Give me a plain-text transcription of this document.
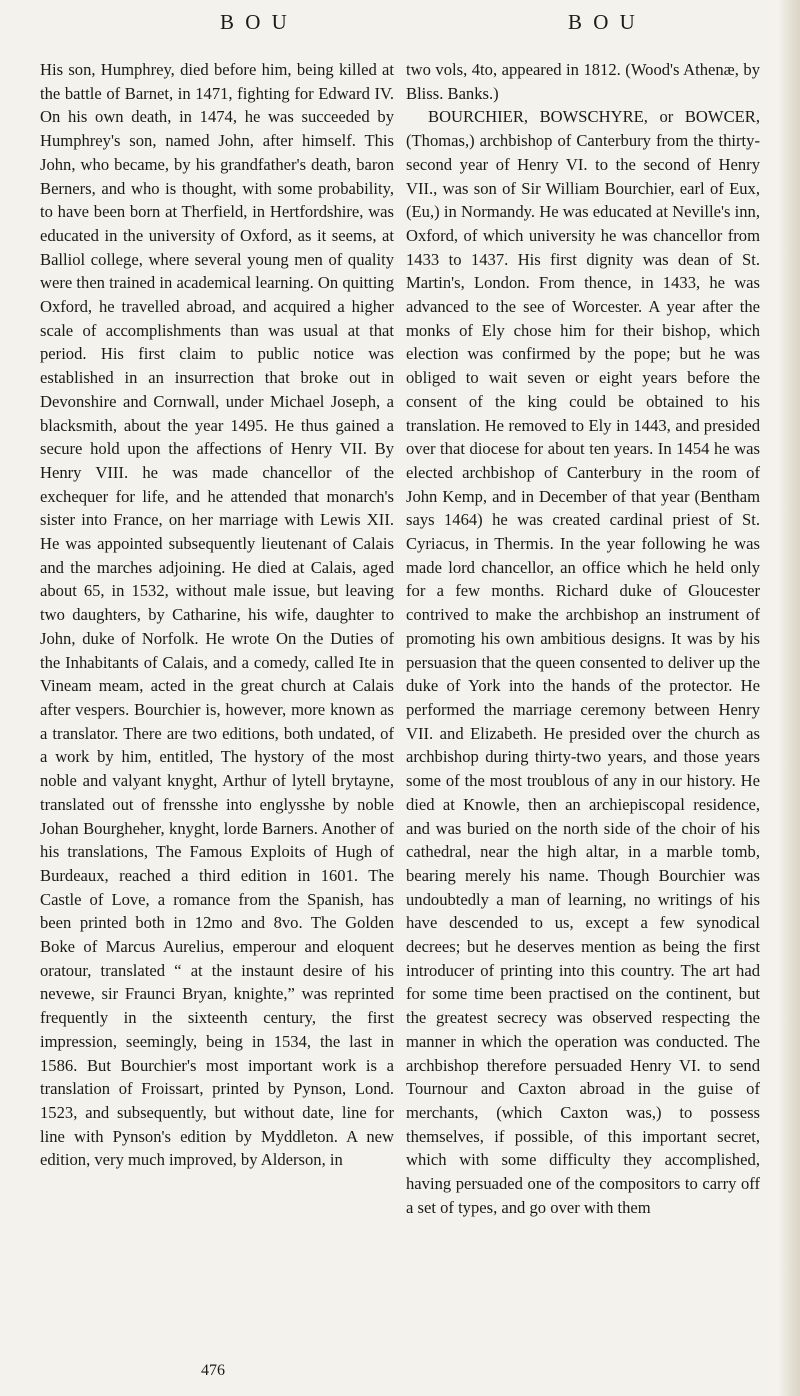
B O U	B O U

His son, Humphrey, died before him, being killed at the battle of Barnet, in 1471, fighting for Edward IV. On his own death, in 1474, he was succeeded by Humphrey's son, named John, after himself. This John, who became, by his grandfather's death, baron Berners, and who is thought, with some probability, to have been born at Therfield, in Hertfordshire, was educated in the university of Oxford, as it seems, at Balliol college, where several young men of quality were then trained in academical learning. On quitting Oxford, he travelled abroad, and acquired a higher scale of accomplishments than was usual at that period. His first claim to public notice was established in an insurrection that broke out in Devonshire and Cornwall, under Michael Joseph, a blacksmith, about the year 1495. He thus gained a secure hold upon the affections of Henry VII. By Henry VIII. he was made chancellor of the exchequer for life, and he attended that monarch's sister into France, on her marriage with Lewis XII. He was appointed subsequently lieutenant of Calais and the marches adjoining. He died at Calais, aged about 65, in 1532, without male issue, but leaving two daughters, by Catharine, his wife, daughter to John, duke of Norfolk. He wrote On the Duties of the Inhabitants of Calais, and a comedy, called Ite in Vineam meam, acted in the great church at Calais after vespers. Bourchier is, however, more known as a translator. There are two editions, both undated, of a work by him, entitled, The hystory of the most noble and valyant knyght, Arthur of lytell brytayne, translated out of frensshe into englysshe by noble Johan Bourgheher, knyght, lorde Barners. Another of his translations, The Famous Exploits of Hugh of Burdeaux, reached a third edition in 1601. The Castle of Love, a romance from the Spanish, has been printed both in 12mo and 8vo. The Golden Boke of Marcus Aurelius, emperour and eloquent oratour, translated “ at the instaunt desire of his nevewe, sir Fraunci Bryan, knighte,” was reprinted frequently in the sixteenth century, the first impression, seemingly, being in 1534, the last in 1586. But Bourchier's most important work is a translation of Froissart, printed by Pynson, Lond. 1523, and subsequently, but without date, line for line with Pynson's edition by Myddleton. A new edition, very much improved, by Alderson, in

two vols, 4to, appeared in 1812. (Wood's Athenæ, by Bliss. Banks.)

BOURCHIER, BOWSCHYRE, or BOWCER, (Thomas,) archbishop of Canterbury from the thirty-second year of Henry VI. to the second of Henry VII., was son of Sir William Bourchier, earl of Eux, (Eu,) in Normandy. He was educated at Neville's inn, Oxford, of which university he was chancellor from 1433 to 1437. His first dignity was dean of St. Martin's, London. From thence, in 1433, he was advanced to the see of Worcester. A year after the monks of Ely chose him for their bishop, which election was confirmed by the pope; but he was obliged to wait seven or eight years before the consent of the king could be obtained to his translation. He removed to Ely in 1443, and presided over that diocese for about ten years. In 1454 he was elected archbishop of Canterbury in the room of John Kemp, and in December of that year (Bentham says 1464) he was created cardinal priest of St. Cyriacus, in Thermis. In the year following he was made lord chancellor, an office which he held only for a few months. Richard duke of Gloucester contrived to make the archbishop an instrument of promoting his own ambitious designs. It was by his persuasion that the queen consented to deliver up the duke of York into the hands of the protector. He performed the marriage ceremony between Henry VII. and Elizabeth. He presided over the church as archbishop during thirty-two years, and those years some of the most troublous of any in our history. He died at Knowle, then an archiepiscopal residence, and was buried on the north side of the choir of his cathedral, near the high altar, in a marble tomb, bearing merely his name. Though Bourchier was undoubtedly a man of learning, no writings of his have descended to us, except a few synodical decrees; but he deserves mention as being the first introducer of printing into this country. The art had for some time been practised on the continent, but the greatest secrecy was observed respecting the manner in which the operation was conducted. The archbishop therefore persuaded Henry VI. to send Tournour and Caxton abroad in the guise of merchants, (which Caxton was,) to possess themselves, if possible, of this important secret, which with some difficulty they accomplished, having persuaded one of the compositors to carry off a set of types, and go over with them

476
